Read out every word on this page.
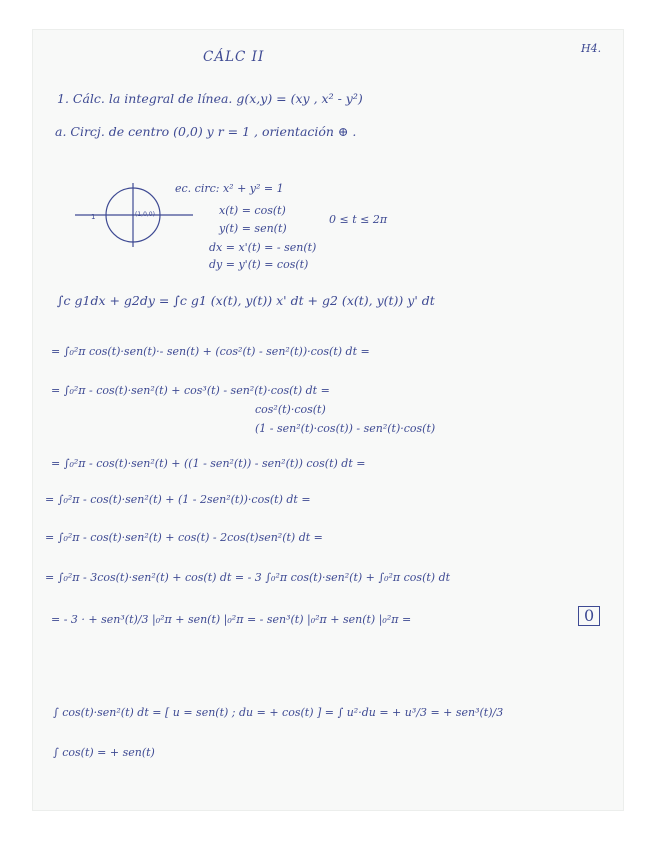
CÁLC II
H4.
1. Cálc. la integral de línea. g(x,y) = (xy , x² - y²)
a. Circj. de centro (0,0) y r = 1 , orientación ⊕ .
1	(1,0,0)
ec. circ: x² + y² = 1
x(t) = cos(t)
y(t) = sen(t)
0 ≤ t ≤ 2π
dx = x'(t) = - sen(t)
dy = y'(t) = cos(t)
∫c g1dx + g2dy = ∫c g1 (x(t), y(t)) x' dt + g2 (x(t), y(t)) y' dt
= ∫₀²π cos(t)·sen(t)·- sen(t) + (cos²(t) - sen²(t))·cos(t) dt =
= ∫₀²π - cos(t)·sen²(t) + cos³(t) - sen²(t)·cos(t) dt =
cos²(t)·cos(t)
(1 - sen²(t)·cos(t)) - sen²(t)·cos(t)
= ∫₀²π - cos(t)·sen²(t) + ((1 - sen²(t)) - sen²(t)) cos(t) dt =
= ∫₀²π - cos(t)·sen²(t) + (1 - 2sen²(t))·cos(t) dt =
= ∫₀²π - cos(t)·sen²(t) + cos(t) - 2cos(t)sen²(t) dt =
= ∫₀²π - 3cos(t)·sen²(t) + cos(t) dt = - 3 ∫₀²π cos(t)·sen²(t) + ∫₀²π cos(t) dt
= - 3 · + sen³(t)/3 |₀²π + sen(t) |₀²π = - sen³(t) |₀²π + sen(t) |₀²π =	0
∫ cos(t)·sen²(t) dt = [ u = sen(t) ; du = + cos(t) ] = ∫ u²·du = + u³/3 = + sen³(t)/3
∫ cos(t) = + sen(t)
